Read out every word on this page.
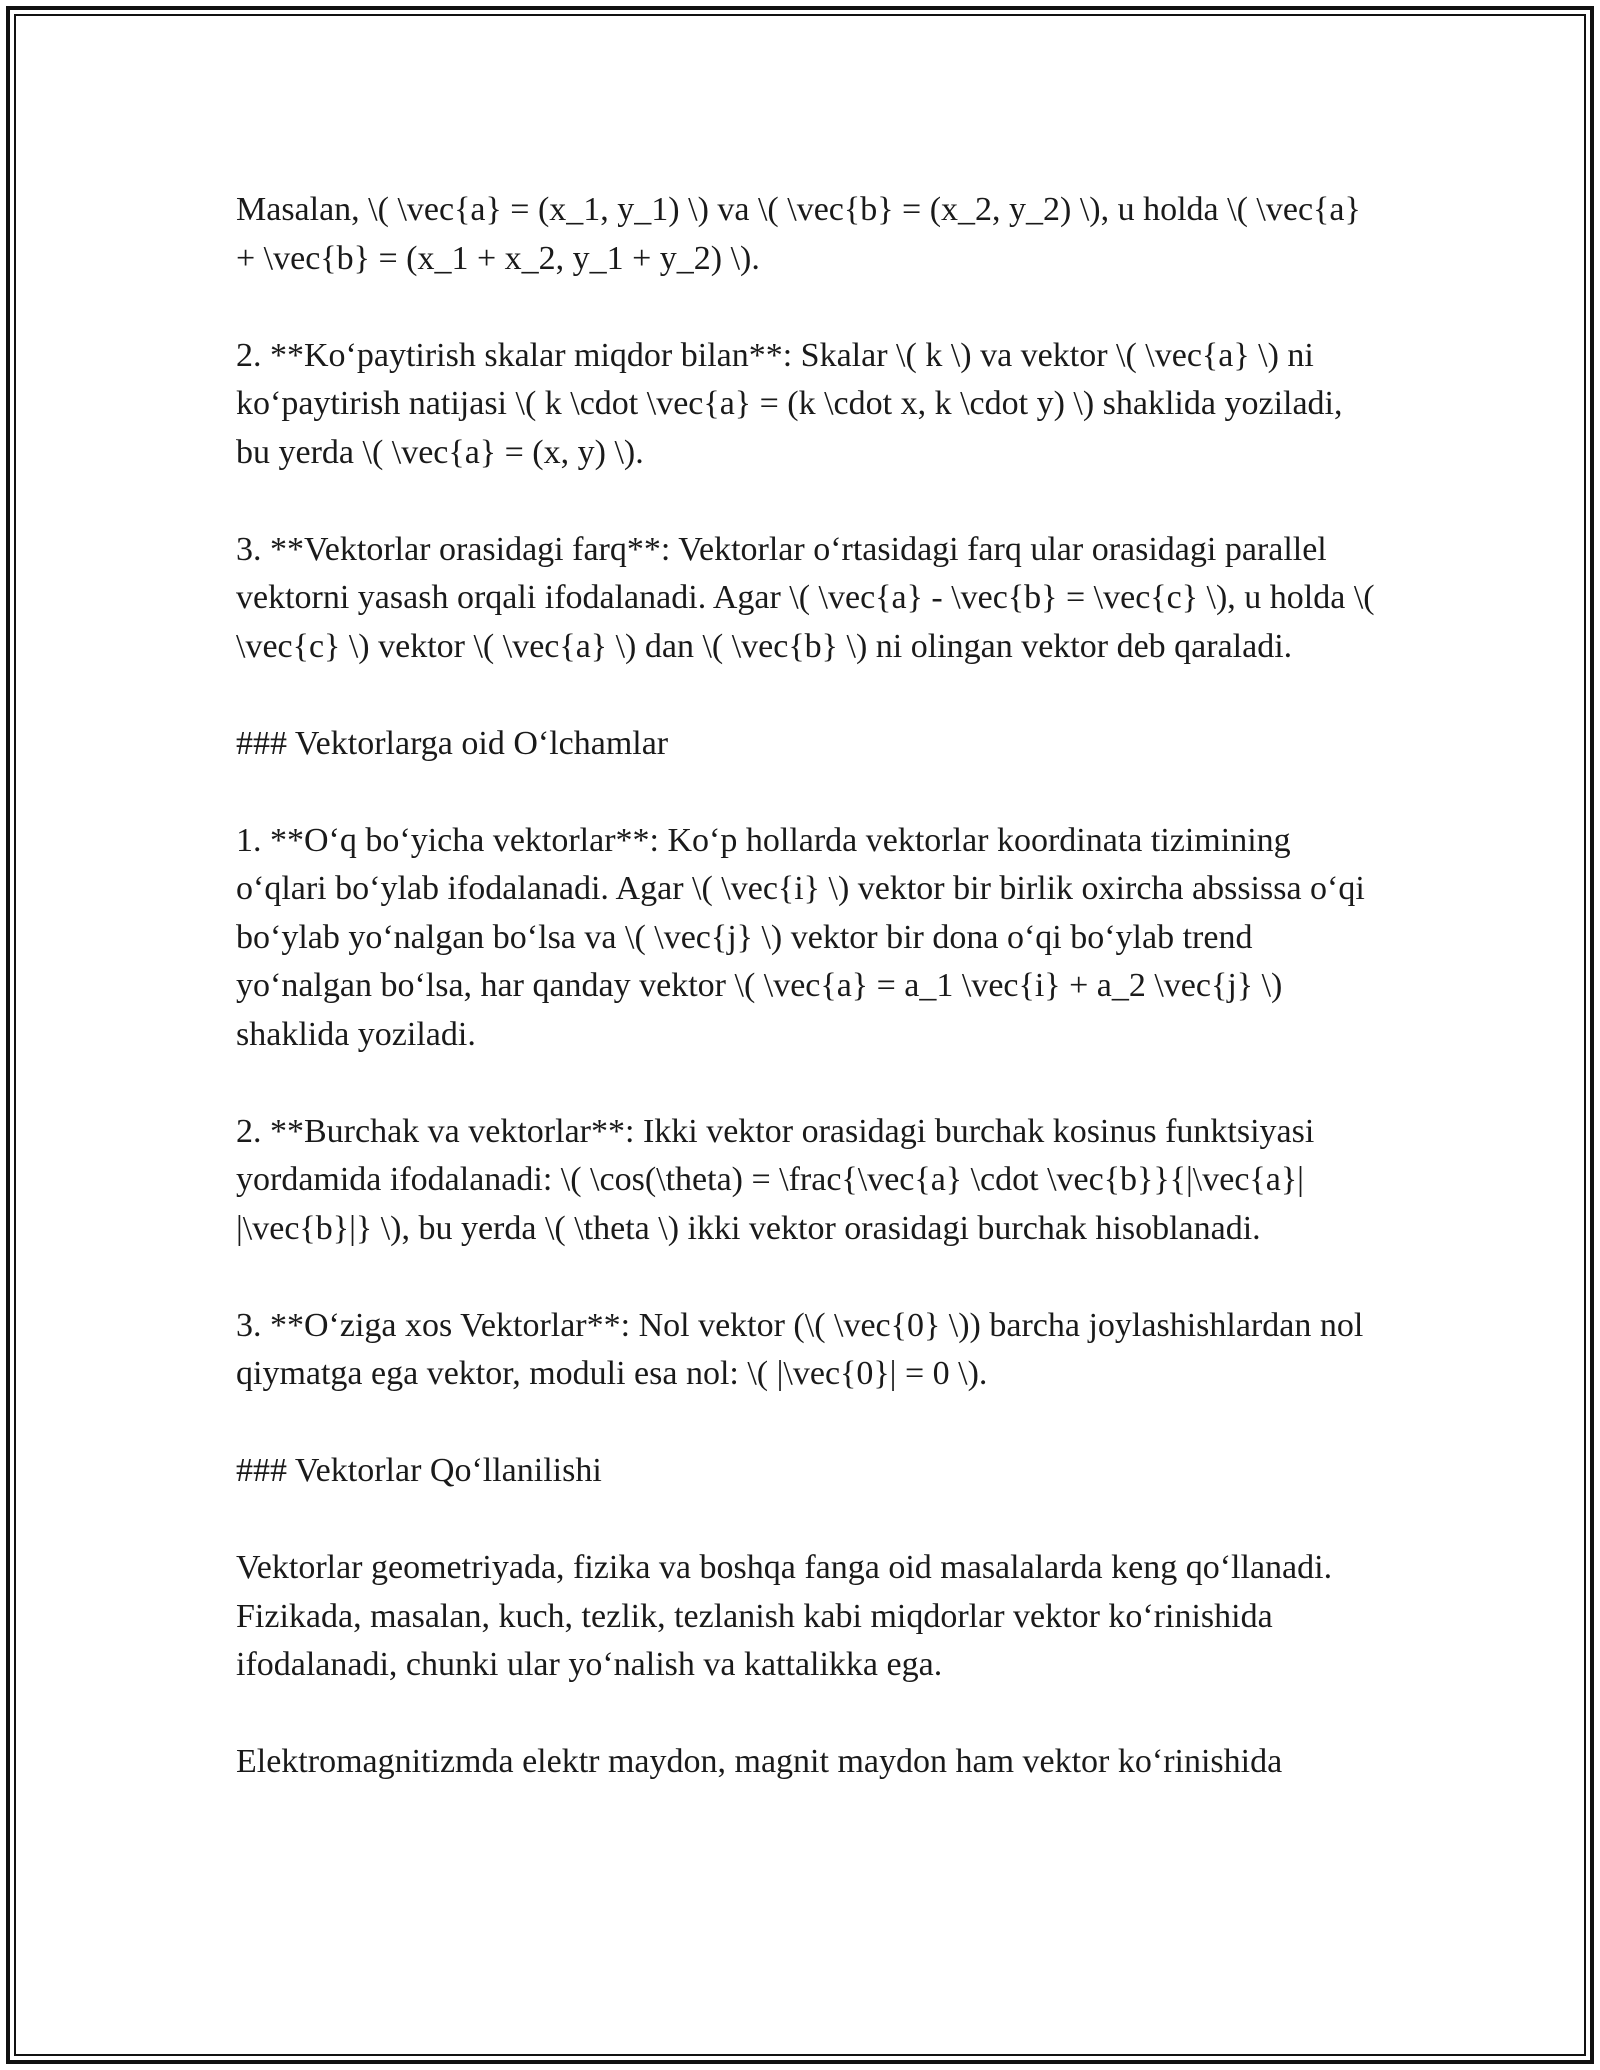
Masalan, \( \vec{a} = (x_1, y_1) \) va \( \vec{b} = (x_2, y_2) \), u holda \( \vec{a} + \vec{b} = (x_1 + x_2, y_1 + y_2) \).

2. **Koʻpaytirish skalar miqdor bilan**: Skalar \( k \) va vektor \( \vec{a} \) ni koʻpaytirish natijasi \( k \cdot \vec{a} = (k \cdot x, k \cdot y) \) shaklida yoziladi, bu yerda \( \vec{a} = (x, y) \).

3. **Vektorlar orasidagi farq**: Vektorlar oʻrtasidagi farq ular orasidagi parallel vektorni yasash orqali ifodalanadi. Agar \( \vec{a} - \vec{b} = \vec{c} \), u holda \( \vec{c} \) vektor \( \vec{a} \) dan \( \vec{b} \) ni olingan vektor deb qaraladi.

### Vektorlarga oid Oʻlchamlar

1. **Oʻq boʻyicha vektorlar**: Koʻp hollarda vektorlar koordinata tizimining oʻqlari boʻylab ifodalanadi. Agar \( \vec{i} \) vektor bir birlik oxircha abssissa oʻqi boʻylab yoʻnalgan boʻlsa va \( \vec{j} \) vektor bir dona oʻqi boʻylab trend yoʻnalgan boʻlsa, har qanday vektor \( \vec{a} = a_1 \vec{i} + a_2 \vec{j} \) shaklida yoziladi.

2. **Burchak va vektorlar**: Ikki vektor orasidagi burchak kosinus funktsiyasi yordamida ifodalanadi: \( \cos(\theta) = \frac{\vec{a} \cdot \vec{b}}{|\vec{a}| |\vec{b}|} \), bu yerda \( \theta \) ikki vektor orasidagi burchak hisoblanadi.

3. **Oʻziga xos Vektorlar**: Nol vektor (\( \vec{0} \)) barcha joylashishlardan nol qiymatga ega vektor, moduli esa nol: \( |\vec{0}| = 0 \).

### Vektorlar Qoʻllanilishi

Vektorlar geometriyada, fizika va boshqa fanga oid masalalarda keng qoʻllanadi. Fizikada, masalan, kuch, tezlik, tezlanish kabi miqdorlar vektor koʻrinishida ifodalanadi, chunki ular yoʻnalish va kattalikka ega.

Elektromagnitizmda elektr maydon, magnit maydon ham vektor koʻrinishida
